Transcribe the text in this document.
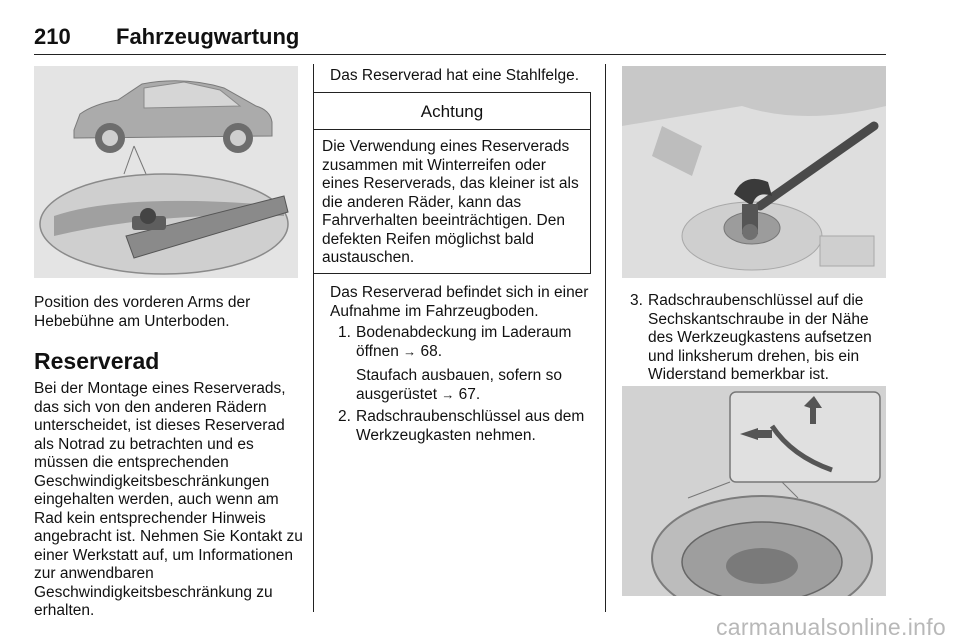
210 Fahrzeugwartung
Position des vorderen Arms der Hebebühne am Unterboden.
Reserverad
Bei der Montage eines Reserverads, das sich von den anderen Rädern unterscheidet, ist dieses Reserverad als Notrad zu betrachten und es müssen die entsprechenden Geschwindigkeitsbeschränkungen eingehalten werden, auch wenn am Rad kein entsprechender Hinweis angebracht ist. Nehmen Sie Kontakt zu einer Werkstatt auf, um Informationen zur anwendbaren Geschwindigkeitsbeschränkung zu erhalten.
Das Reserverad hat eine Stahlfelge.
Achtung
Die Verwendung eines Reserverads zusammen mit Winterreifen oder eines Reserverads, das kleiner ist als die anderen Räder, kann das Fahrverhalten beeinträchtigen. Den defekten Reifen möglichst bald austauschen.
Das Reserverad befindet sich in einer Aufnahme im Fahrzeugboden.
1. Bodenabdeckung im Laderaum öffnen → 68.
Staufach ausbauen, sofern so ausgerüstet → 67.
2. Radschraubenschlüssel aus dem Werkzeugkasten nehmen.
3. Radschraubenschlüssel auf die Sechskantschraube in der Nähe des Werkzeugkastens aufsetzen und linksherum drehen, bis ein Widerstand bemerkbar ist.
carmanualsonline.info
